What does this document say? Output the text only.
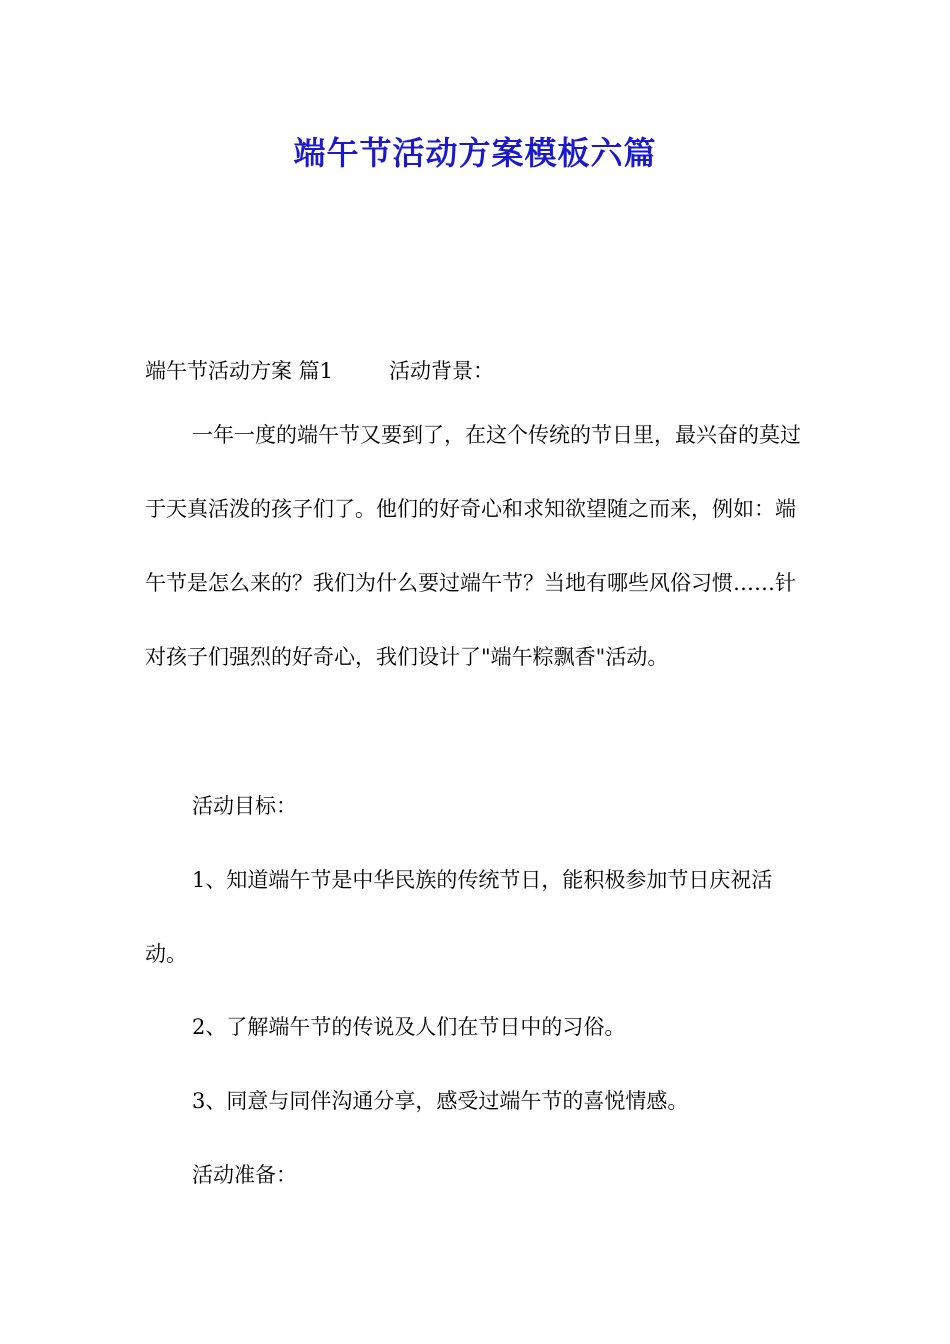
端午节活动方案模板六篇

端午节活动方案 篇1	活动背景：

一年一度的端午节又要到了，在这个传统的节日里，最兴奋的莫过于天真活泼的孩子们了。他们的好奇心和求知欲望随之而来，例如：端午节是怎么来的？我们为什么要过端午节？当地有哪些风俗习惯……针对孩子们强烈的好奇心，我们设计了"端午粽飘香"活动。

活动目标：

1、知道端午节是中华民族的传统节日，能积极参加节日庆祝活动。

2、了解端午节的传说及人们在节日中的习俗。

3、同意与同伴沟通分享，感受过端午节的喜悦情感。

活动准备：
